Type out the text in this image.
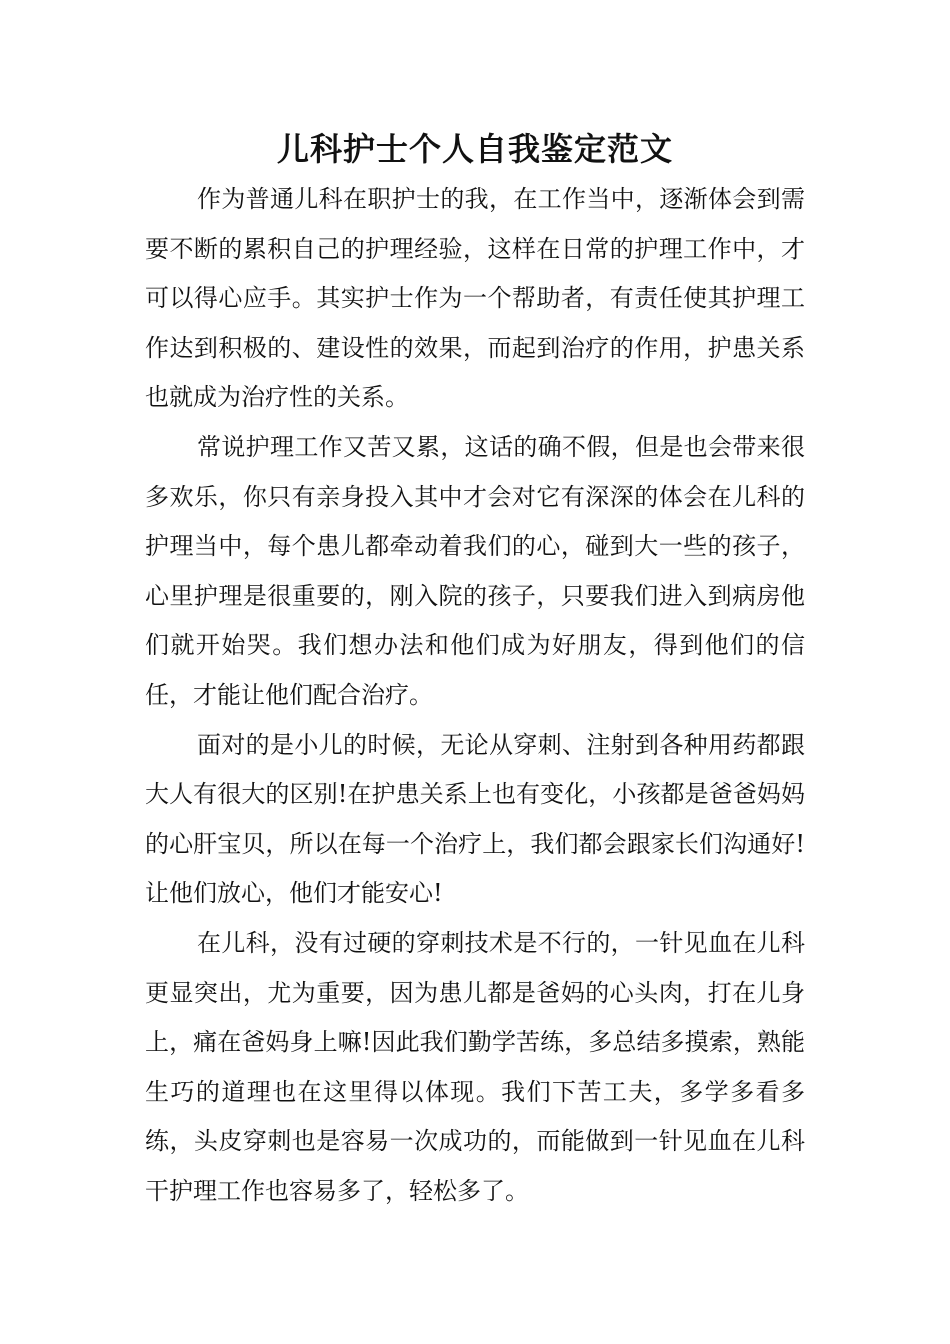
儿科护士个人自我鉴定范文

作为普通儿科在职护士的我，在工作当中，逐渐体会到需要不断的累积自己的护理经验，这样在日常的护理工作中，才可以得心应手。其实护士作为一个帮助者，有责任使其护理工作达到积极的、建设性的效果，而起到治疗的作用，护患关系也就成为治疗性的关系。

常说护理工作又苦又累，这话的确不假，但是也会带来很多欢乐，你只有亲身投入其中才会对它有深深的体会在儿科的护理当中，每个患儿都牵动着我们的心，碰到大一些的孩子，心里护理是很重要的，刚入院的孩子，只要我们进入到病房他们就开始哭。我们想办法和他们成为好朋友，得到他们的信任，才能让他们配合治疗。

面对的是小儿的时候，无论从穿刺、注射到各种用药都跟大人有很大的区别!在护患关系上也有变化，小孩都是爸爸妈妈的心肝宝贝，所以在每一个治疗上，我们都会跟家长们沟通好!让他们放心，他们才能安心!

在儿科，没有过硬的穿刺技术是不行的，一针见血在儿科更显突出，尤为重要，因为患儿都是爸妈的心头肉，打在儿身上，痛在爸妈身上嘛!因此我们勤学苦练，多总结多摸索，熟能生巧的道理也在这里得以体现。我们下苦工夫，多学多看多练，头皮穿刺也是容易一次成功的，而能做到一针见血在儿科干护理工作也容易多了，轻松多了。
